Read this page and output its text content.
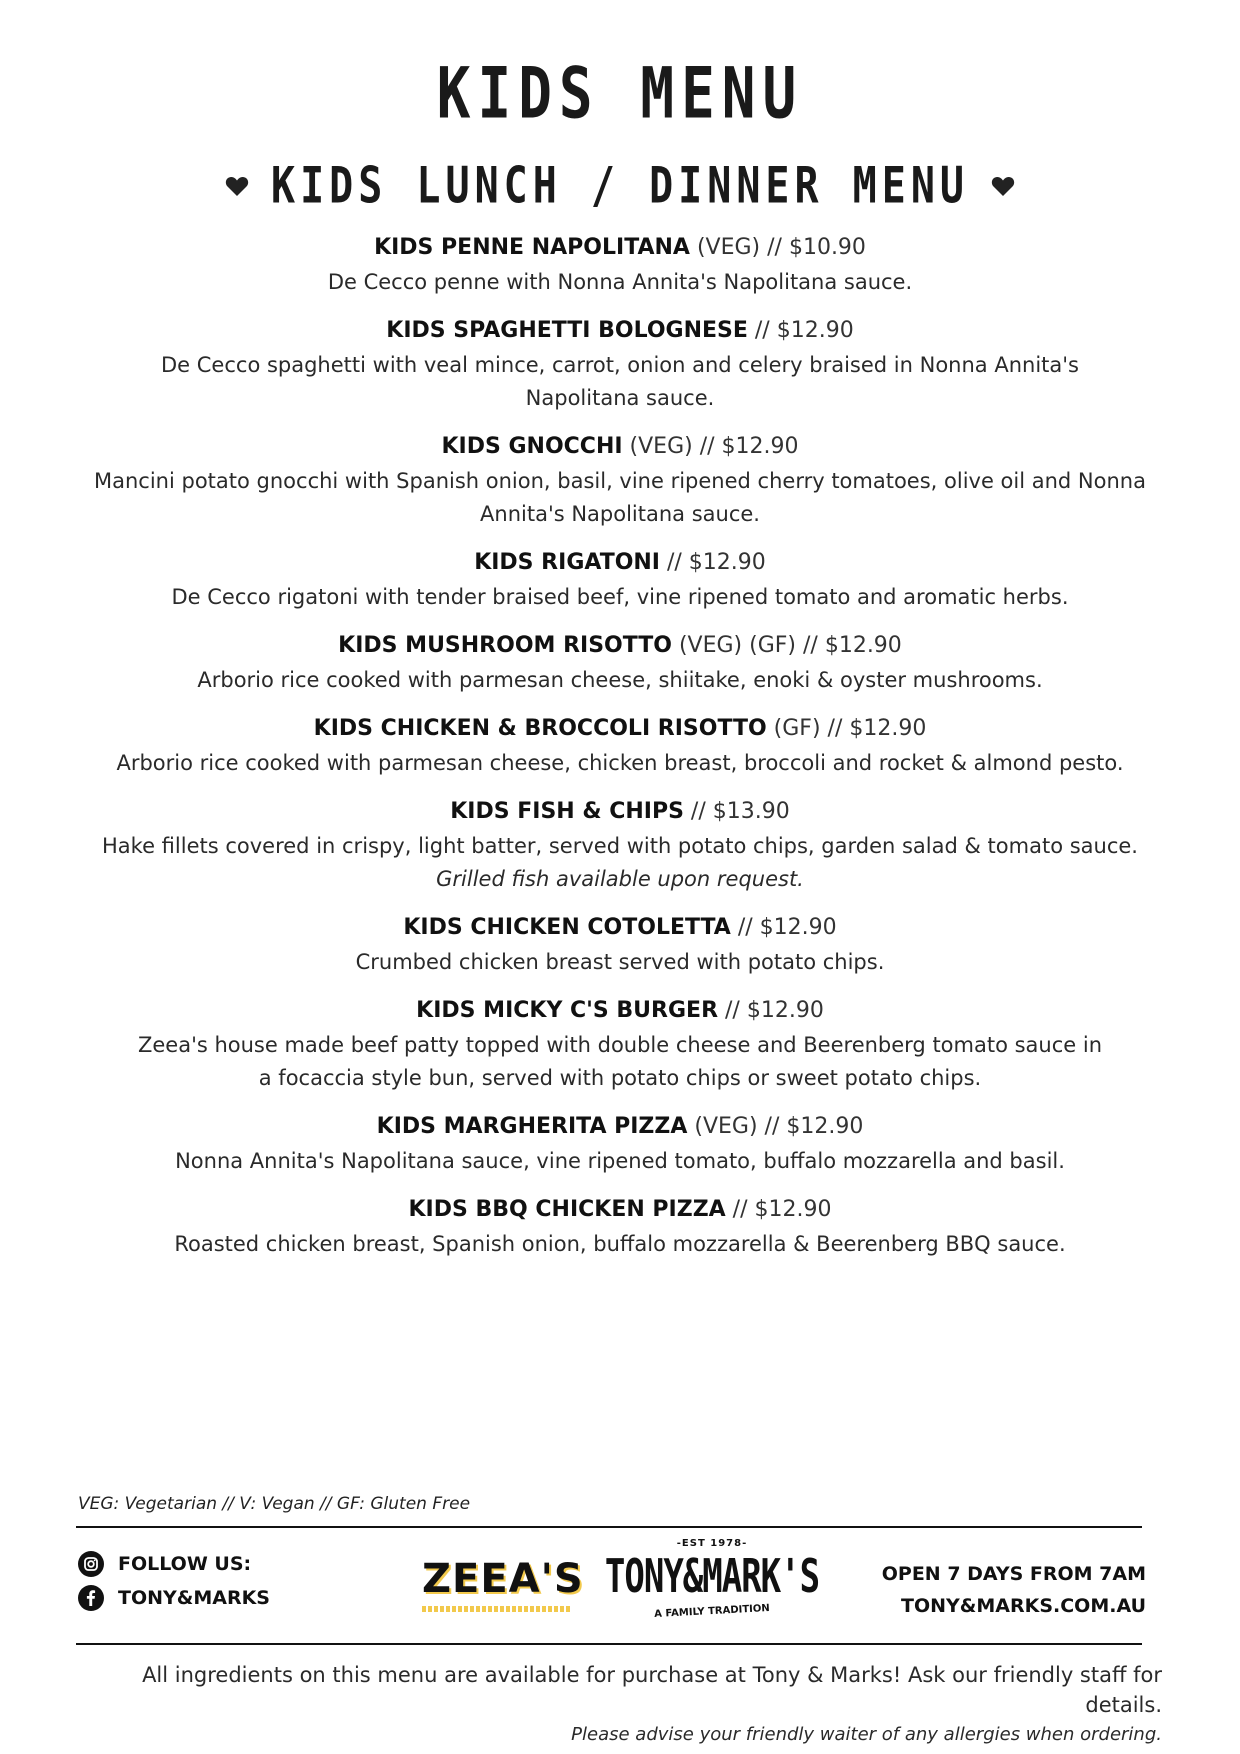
KIDS MENU
KIDS LUNCH / DINNER MENU
KIDS PENNE NAPOLITANA (VEG) // $10.90
De Cecco penne with Nonna Annita's Napolitana sauce.
KIDS SPAGHETTI BOLOGNESE // $12.90
De Cecco spaghetti with veal mince, carrot, onion and celery braised in Nonna Annita's Napolitana sauce.
KIDS GNOCCHI (VEG) // $12.90
Mancini potato gnocchi with Spanish onion, basil, vine ripened cherry tomatoes, olive oil and Nonna Annita's Napolitana sauce.
KIDS RIGATONI // $12.90
De Cecco rigatoni with tender braised beef, vine ripened tomato and aromatic herbs.
KIDS MUSHROOM RISOTTO (VEG) (GF) // $12.90
Arborio rice cooked with parmesan cheese, shiitake, enoki & oyster mushrooms.
KIDS CHICKEN & BROCCOLI RISOTTO (GF) // $12.90
Arborio rice cooked with parmesan cheese, chicken breast, broccoli and rocket & almond pesto.
KIDS FISH & CHIPS // $13.90
Hake fillets covered in crispy, light batter, served with potato chips, garden salad & tomato sauce.
Grilled fish available upon request.
KIDS CHICKEN COTOLETTA // $12.90
Crumbed chicken breast served with potato chips.
KIDS MICKY C'S BURGER // $12.90
Zeea's house made beef patty topped with double cheese and Beerenberg tomato sauce in a focaccia style bun, served with potato chips or sweet potato chips.
KIDS MARGHERITA PIZZA (VEG) // $12.90
Nonna Annita's Napolitana sauce, vine ripened tomato, buffalo mozzarella and basil.
KIDS BBQ CHICKEN PIZZA // $12.90
Roasted chicken breast, Spanish onion, buffalo mozzarella & Beerenberg BBQ sauce.
VEG: Vegetarian // V: Vegan // GF: Gluten Free
FOLLOW US:
TONY&MARKS	ZEEA'S
-EST 1978-
TONY&MARK'S
A FAMILY TRADITION
OPEN 7 DAYS FROM 7AM
TONY&MARKS.COM.AU
All ingredients on this menu are available for purchase at Tony & Marks! Ask our friendly staff for details.
Please advise your friendly waiter of any allergies when ordering.
